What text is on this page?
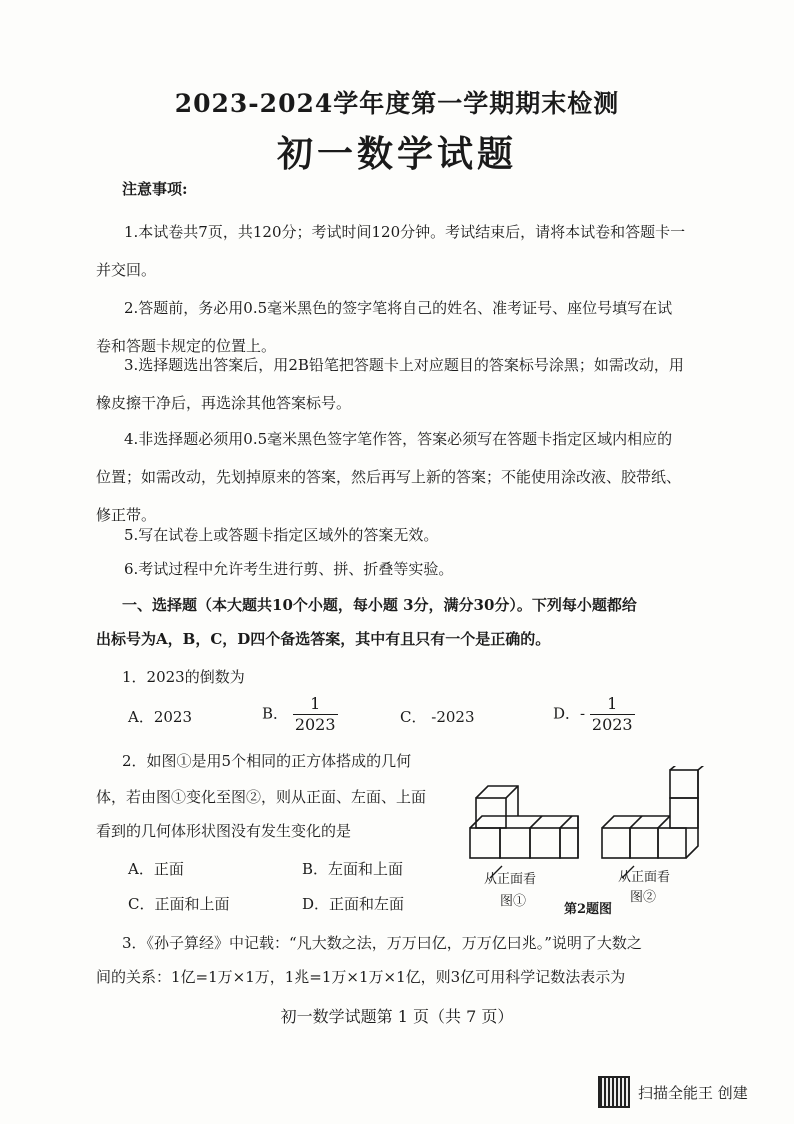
2023-2024学年度第一学期期末检测
初一数学试题
注意事项:
1.本试卷共7页，共120分；考试时间120分钟。考试结束后，请将本试卷和答题卡一并交回。
2.答题前，务必用0.5毫米黑色的签字笔将自己的姓名、准考证号、座位号填写在试卷和答题卡规定的位置上。
3.选择题选出答案后，用2B铅笔把答题卡上对应题目的答案标号涂黑；如需改动，用橡皮擦干净后，再选涂其他答案标号。
4.非选择题必须用0.5毫米黑色签字笔作答，答案必须写在答题卡指定区域内相应的位置；如需改动，先划掉原来的答案，然后再写上新的答案；不能使用涂改液、胶带纸、修正带。
5.写在试卷上或答题卡指定区域外的答案无效。
6.考试过程中允许考生进行剪、拼、折叠等实验。
一、选择题（本大题共10个小题，每小题 3分，满分30分）。下列每小题都给
出标号为A，B，C，D四个备选答案，其中有且只有一个是正确的。
1．2023的倒数为
A．2023	B． $\frac{1}{2023}$	C． -2023	D．- $\frac{1}{2023}$
2．如图①是用5个相同的正方体搭成的几何
体，若由图①变化至图②，则从正面、左面、上面
看到的几何体形状图没有发生变化的是
A．正面	B．左面和上面
C．正面和上面	D．正面和左面
从正面看
图①
从正面看
图②
第2题图
3．《孙子算经》中记载：“凡大数之法，万万曰亿，万万亿曰兆。”说明了大数之
间的关系：1亿=1万×1万，1兆=1万×1万×1亿，则3亿可用科学记数法表示为
初一数学试题第 1 页（共 7 页）
扫描全能王 创建
